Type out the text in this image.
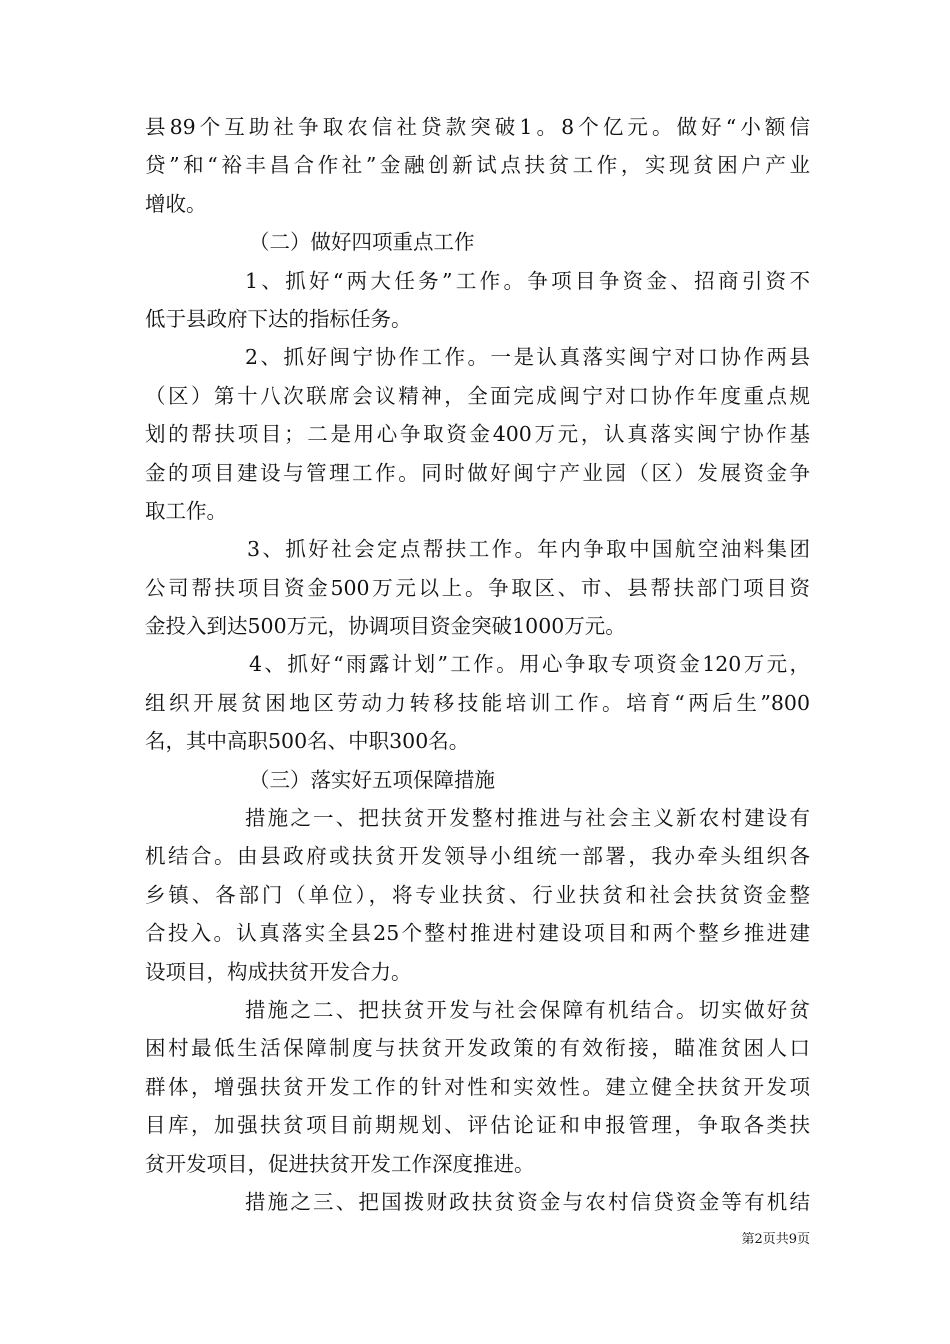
县89个互助社争取农信社贷款突破1。8个亿元。做好“小额信
贷”和“裕丰昌合作社”金融创新试点扶贫工作，实现贫困户产业
增收。
（二）做好四项重点工作
1、抓好“两大任务”工作。争项目争资金、招商引资不
低于县政府下达的指标任务。
2、抓好闽宁协作工作。一是认真落实闽宁对口协作两县
（区）第十八次联席会议精神，全面完成闽宁对口协作年度重点规
划的帮扶项目；二是用心争取资金400万元，认真落实闽宁协作基
金的项目建设与管理工作。同时做好闽宁产业园（区）发展资金争
取工作。
3、抓好社会定点帮扶工作。年内争取中国航空油料集团
公司帮扶项目资金500万元以上。争取区、市、县帮扶部门项目资
金投入到达500万元，协调项目资金突破1000万元。
4、抓好“雨露计划”工作。用心争取专项资金120万元，
组织开展贫困地区劳动力转移技能培训工作。培育“两后生”800
名，其中高职500名、中职300名。
（三）落实好五项保障措施
措施之一、把扶贫开发整村推进与社会主义新农村建设有
机结合。由县政府或扶贫开发领导小组统一部署，我办牵头组织各
乡镇、各部门（单位），将专业扶贫、行业扶贫和社会扶贫资金整
合投入。认真落实全县25个整村推进村建设项目和两个整乡推进建
设项目，构成扶贫开发合力。
措施之二、把扶贫开发与社会保障有机结合。切实做好贫
困村最低生活保障制度与扶贫开发政策的有效衔接，瞄准贫困人口
群体，增强扶贫开发工作的针对性和实效性。建立健全扶贫开发项
目库，加强扶贫项目前期规划、评估论证和申报管理，争取各类扶
贫开发项目，促进扶贫开发工作深度推进。
措施之三、把国拨财政扶贫资金与农村信贷资金等有机结
第2页共9页
